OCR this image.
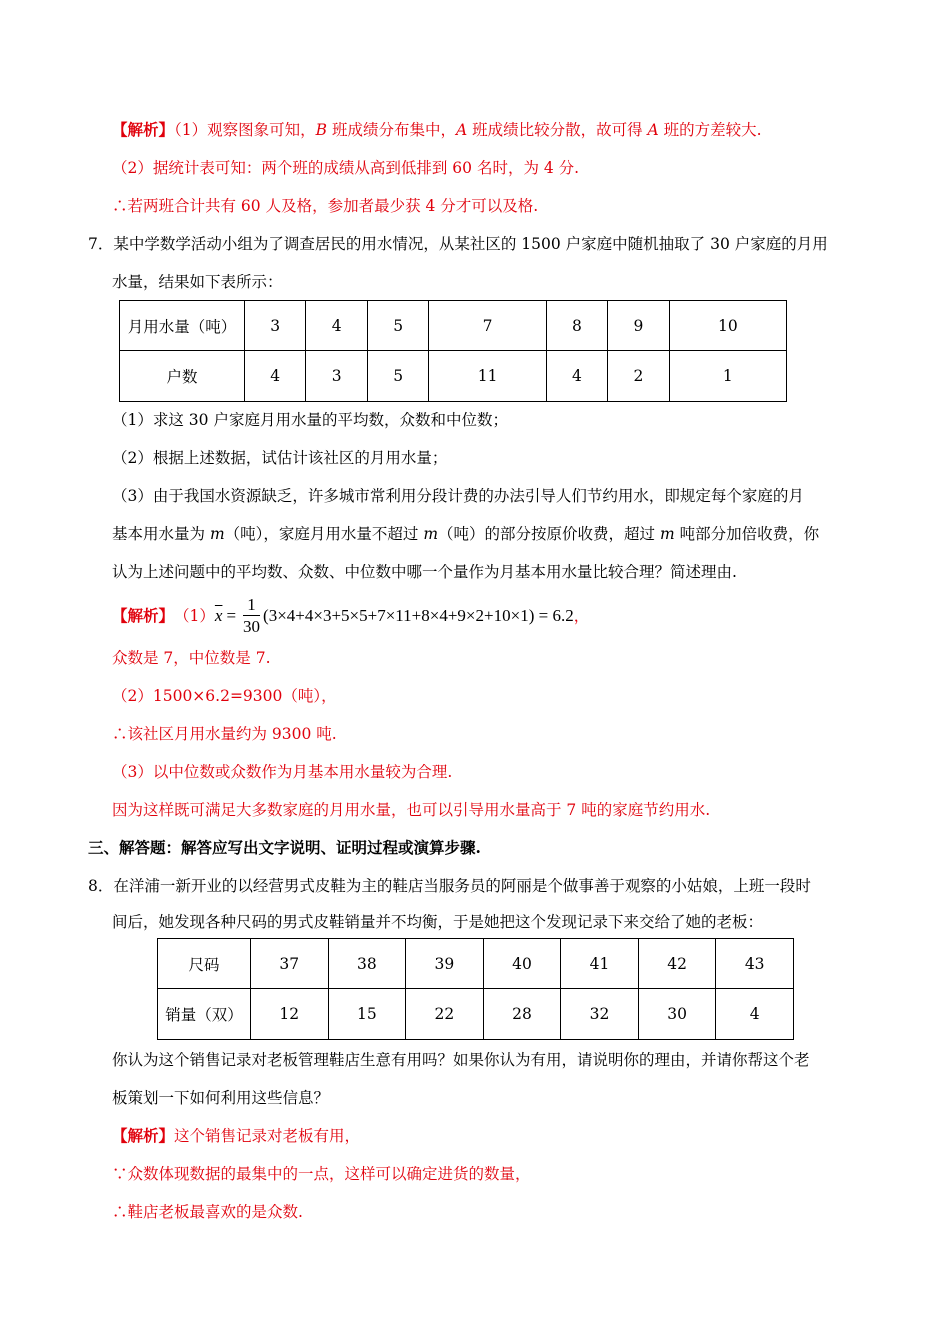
【解析】（1）观察图象可知，B 班成绩分布集中，A 班成绩比较分散，故可得 A 班的方差较大.
（2）据统计表可知：两个班的成绩从高到低排到 60 名时，为 4 分.
∴若两班合计共有 60 人及格，参加者最少获 4 分才可以及格.
7．某中学数学活动小组为了调查居民的用水情况，从某社区的 1500 户家庭中随机抽取了 30 户家庭的月用
水量，结果如下表所示：
月用水量（吨）	3	4	5	7	8	9	10
户数	4	3	5	11	4	2	1
（1）求这 30 户家庭月用水量的平均数，众数和中位数；
（2）根据上述数据，试估计该社区的月用水量；
（3）由于我国水资源缺乏，许多城市常利用分段计费的办法引导人们节约用水，即规定每个家庭的月
基本用水量为 m（吨），家庭月用水量不超过 m（吨）的部分按原价收费，超过 m 吨部分加倍收费，你
认为上述问题中的平均数、众数、中位数中哪一个量作为月基本用水量比较合理？简述理由.
【解析】 （1） $\overline{x} = \frac{1}{30} (3\times 4+4\times 3+5\times 5+7\times 11+8\times 4+9\times 2+10\times 1) = 6.2$ ，
众数是 7，中位数是 7.
（2）1500×6.2=9300（吨），
∴该社区月用水量约为 9300 吨.
（3）以中位数或众数作为月基本用水量较为合理.
因为这样既可满足大多数家庭的月用水量，也可以引导用水量高于 7 吨的家庭节约用水.
三、解答题：解答应写出文字说明、证明过程或演算步骤.
8．在洋浦一新开业的以经营男式皮鞋为主的鞋店当服务员的阿丽是个做事善于观察的小姑娘，上班一段时
间后，她发现各种尺码的男式皮鞋销量并不均衡，于是她把这个发现记录下来交给了她的老板：
尺码	37	38	39	40	41	42	43
销量（双）	12	15	22	28	32	30	4
你认为这个销售记录对老板管理鞋店生意有用吗？如果你认为有用，请说明你的理由，并请你帮这个老
板策划一下如何利用这些信息？
【解析】这个销售记录对老板有用，
∵众数体现数据的最集中的一点，这样可以确定进货的数量，
∴鞋店老板最喜欢的是众数.
